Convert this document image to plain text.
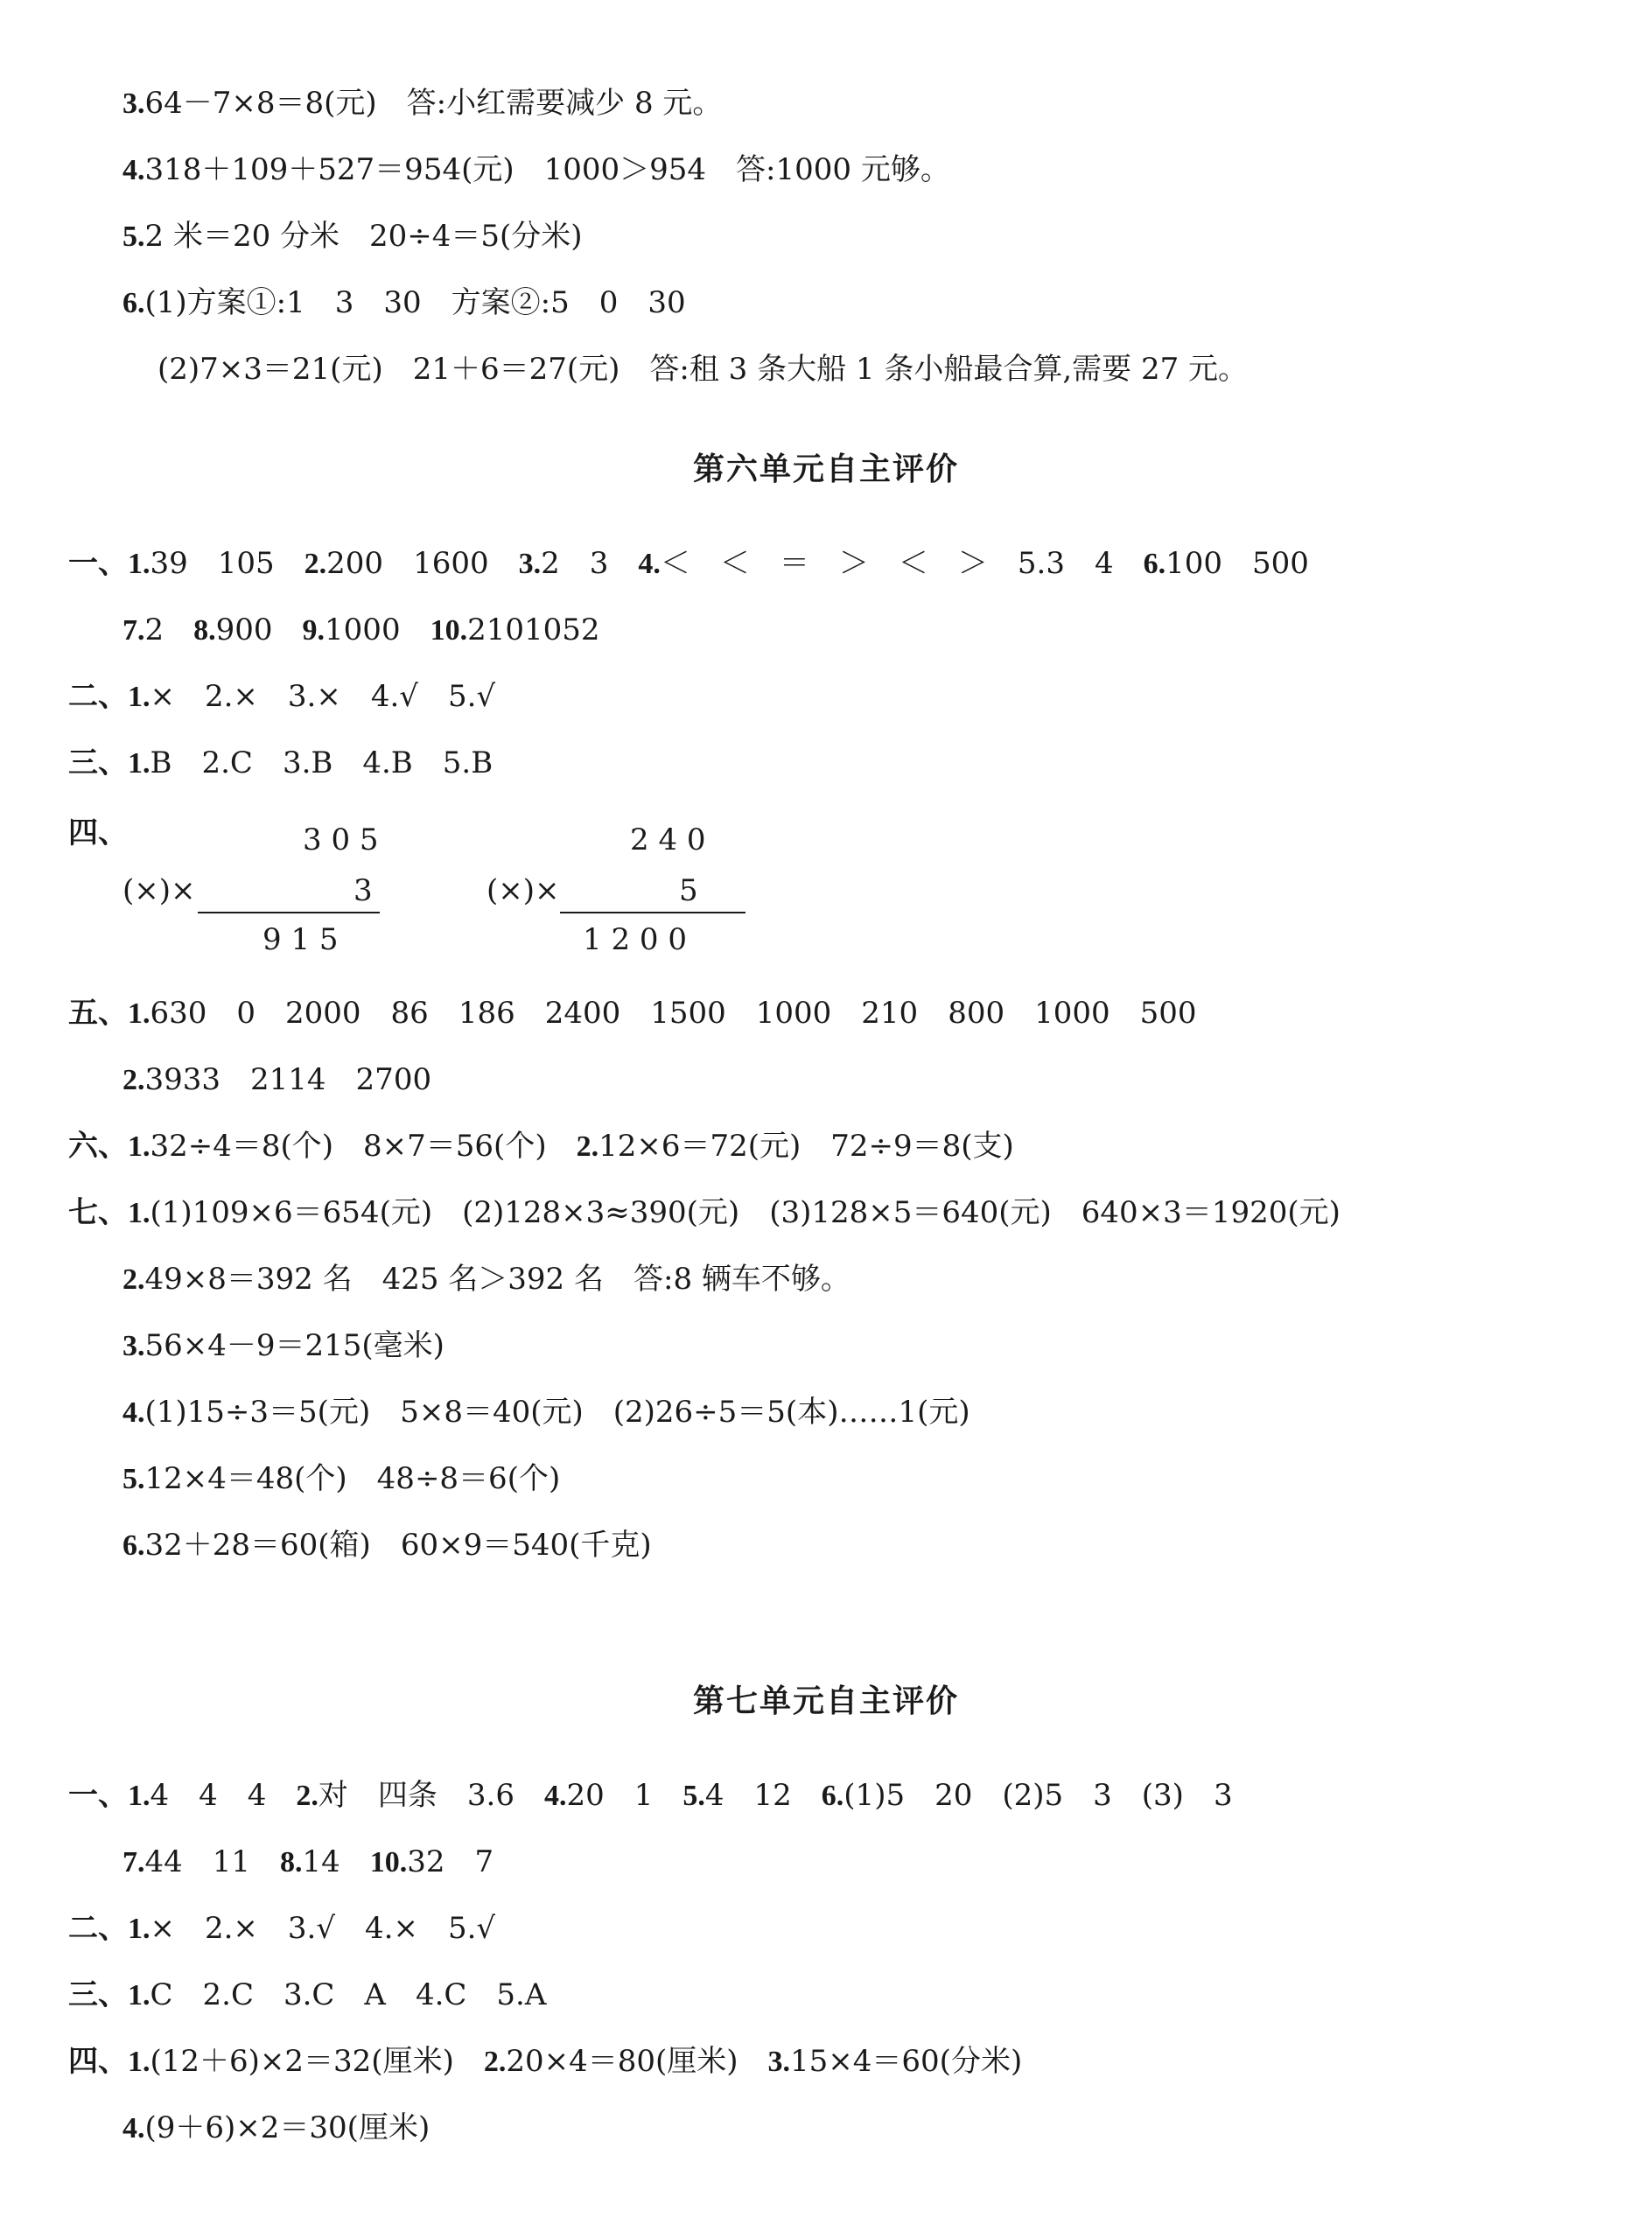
3.64－7×8＝8(元)　答:小红需要减少 8 元。
4.318＋109＋527＝954(元)　1000＞954　答:1000 元够。
5.2 米＝20 分米　20÷4＝5(分米)
6.(1)方案①:1　3　30　方案②:5　0　30
(2)7×3＝21(元)　21＋6＝27(元)　答:租 3 条大船 1 条小船最合算,需要 27 元。
第六单元自主评价
一、1.39　105　2.200　1600　3.2　3　4.＜　＜　＝　＞　＜　＞　5.3　4　6.100　500
7.2　8.900　9.1000　10.2101052
二、1.×　2.×　3.×　4.√　5.√
三、1.B　2.C　3.B　4.B　5.B
四、	3 0 5
(×)×	3
9 1 5
2 4 0
(×)×	5
1 2 0 0
五、1.630　0　2000　86　186　2400　1500　1000　210　800　1000　500
2.3933　2114　2700
六、1.32÷4＝8(个)　8×7＝56(个)　2.12×6＝72(元)　72÷9＝8(支)
七、1.(1)109×6＝654(元)　(2)128×3≈390(元)　(3)128×5＝640(元)　640×3＝1920(元)
2.49×8＝392 名　425 名＞392 名　答:8 辆车不够。
3.56×4－9＝215(毫米)
4.(1)15÷3＝5(元)　5×8＝40(元)　(2)26÷5＝5(本)……1(元)
5.12×4＝48(个)　48÷8＝6(个)
6.32＋28＝60(箱)　60×9＝540(千克)
第七单元自主评价
一、1.4　4　4　2.对　四条　3.6　4.20　1　5.4　12　6.(1)5　20　(2)5　3　(3)　3
7.44　11　8.14　10.32　7
二、1.×　2.×　3.√　4.×　5.√
三、1.C　2.C　3.C　A　4.C　5.A
四、1.(12＋6)×2＝32(厘米)　2.20×4＝80(厘米)　3.15×4＝60(分米)
4.(9＋6)×2＝30(厘米)
